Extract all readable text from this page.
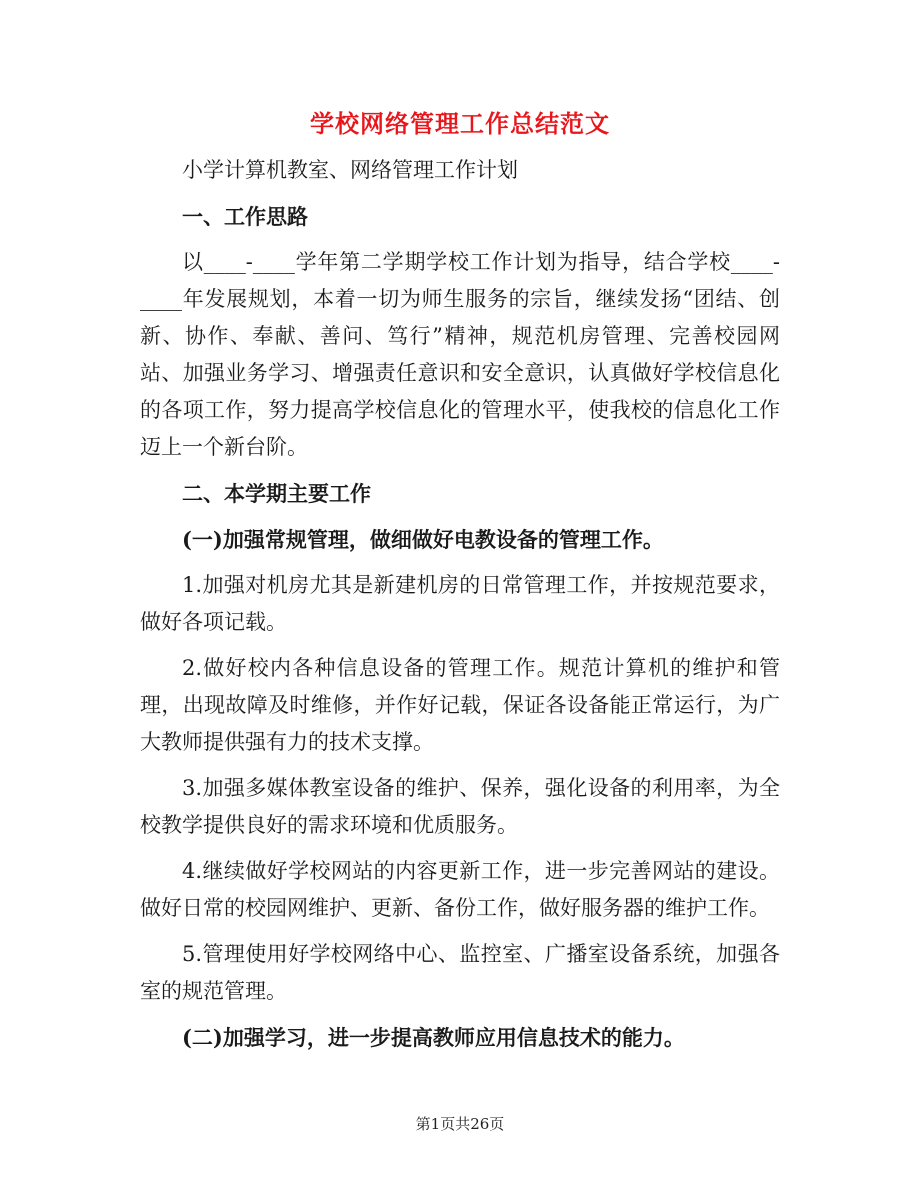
学校网络管理工作总结范文

小学计算机教室、网络管理工作计划

一、工作思路

以____-____学年第二学期学校工作计划为指导，结合学校____-____年发展规划，本着一切为师生服务的宗旨，继续发扬“团结、创新、协作、奉献、善问、笃行”精神，规范机房管理、完善校园网站、加强业务学习、增强责任意识和安全意识，认真做好学校信息化的各项工作，努力提高学校信息化的管理水平，使我校的信息化工作迈上一个新台阶。

二、本学期主要工作

(一)加强常规管理，做细做好电教设备的管理工作。

1.加强对机房尤其是新建机房的日常管理工作，并按规范要求，做好各项记载。

2.做好校内各种信息设备的管理工作。规范计算机的维护和管理，出现故障及时维修，并作好记载，保证各设备能正常运行，为广大教师提供强有力的技术支撑。

3.加强多媒体教室设备的维护、保养，强化设备的利用率，为全校教学提供良好的需求环境和优质服务。

4.继续做好学校网站的内容更新工作，进一步完善网站的建设。做好日常的校园网维护、更新、备份工作，做好服务器的维护工作。

5.管理使用好学校网络中心、监控室、广播室设备系统，加强各室的规范管理。

(二)加强学习，进一步提高教师应用信息技术的能力。

第1页共26页
